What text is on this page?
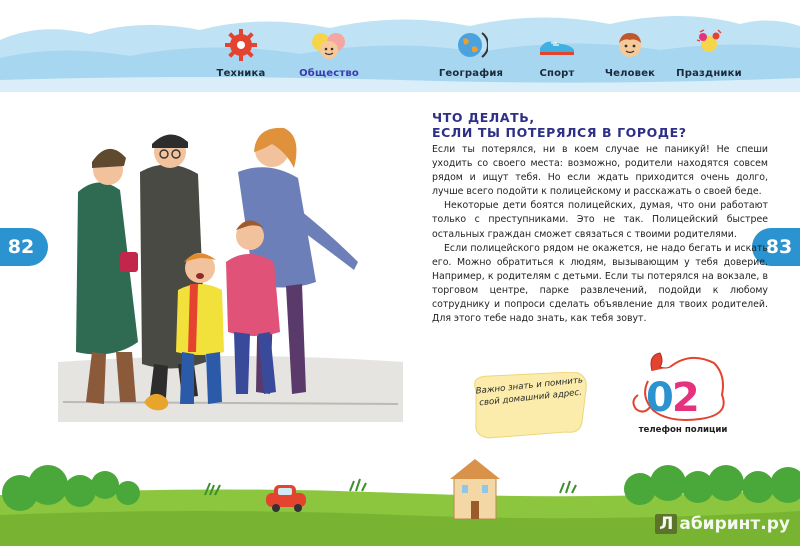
Техника	Общество	География	Спорт	Человек	Праздники
82	83
ЧТО ДЕЛАТЬ,
ЕСЛИ ТЫ ПОТЕРЯЛСЯ В ГОРОДЕ?

Если ты потерялся, ни в коем случае не паникуй! Не спеши уходить со своего места: возможно, родители находятся совсем рядом и ищут тебя. Но если ждать приходится очень долго, лучше всего подойти к полицейскому и расскажать о своей беде.

Некоторые дети боятся полицейских, думая, что они работают только с преступниками. Это не так. Полицейский быстрее остальных граждан сможет связаться с твоими родителями.

Если полицейского рядом не окажется, не надо бегать и искать его. Можно обратиться к людям, вызывающим у тебя доверие. Например, к родителям с детьми. Если ты потерялся на вокзале, в торговом центре, парке развлечений, подойди к любому сотруднику и попроси сделать объявление для твоих родителей. Для этого тебе надо знать, как тебя зовут.

Важно знать и помнить свой домашний адрес. 02
телефон полиции
Л абиринт.ру
